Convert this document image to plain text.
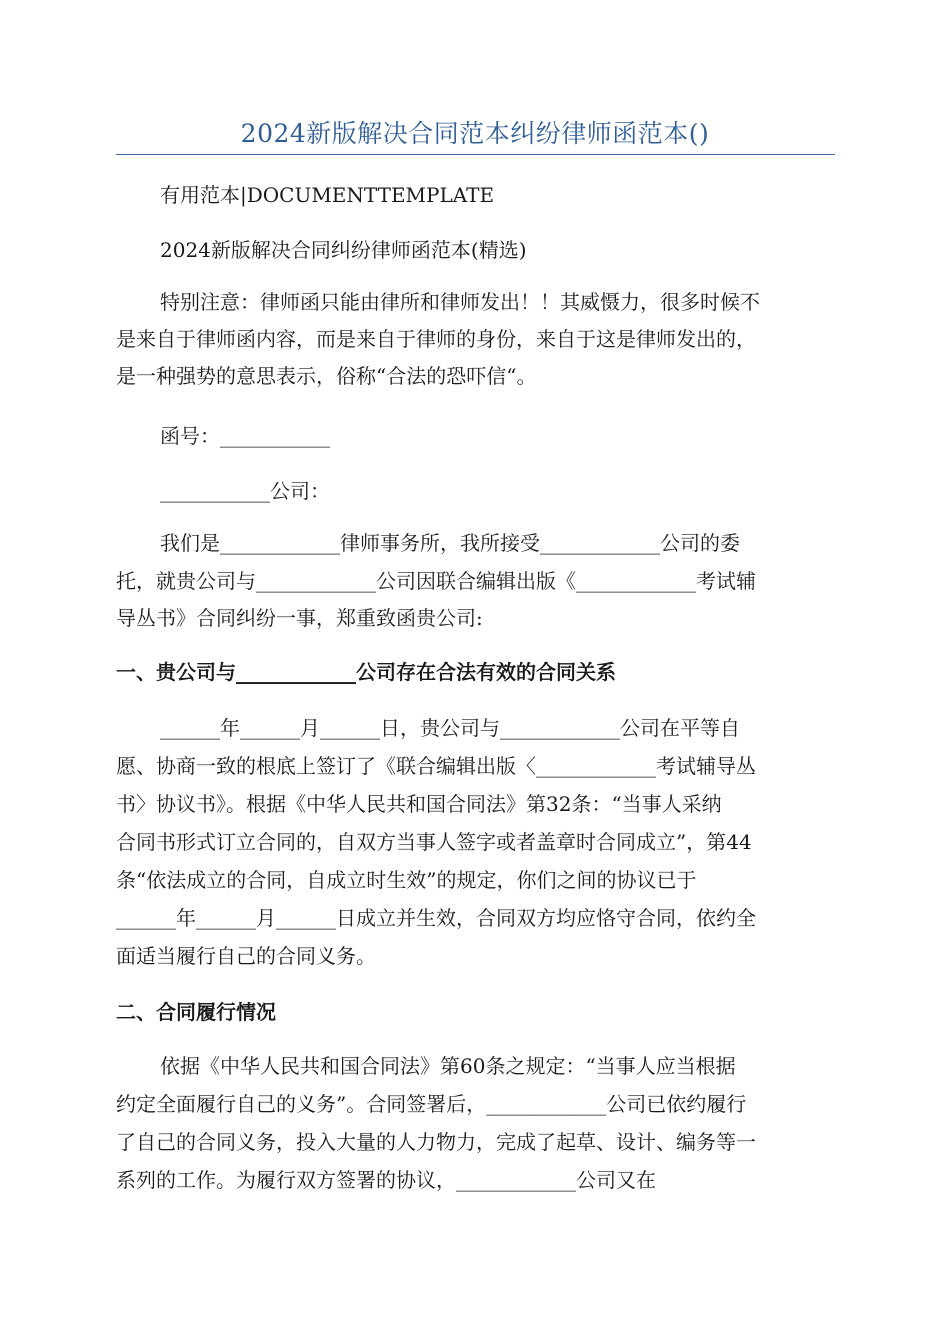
2024新版解决合同范本纠纷律师函范本()
有用范本|DOCUMENTTEMPLATE
2024新版解决合同纠纷律师函范本(精选)
特别注意：律师函只能由律所和律师发出！！其威慑力，很多时候不
是来自于律师函内容，而是来自于律师的身份，来自于这是律师发出的，
是一种强势的意思表示，俗称“合法的恐吓信“。
函号：___________
___________公司：
我们是____________律师事务所，我所接受____________公司的委
托，就贵公司与____________公司因联合编辑出版《____________考试辅
导丛书》合同纠纷一事，郑重致函贵公司:
一、贵公司与____________公司存在合法有效的合同关系
______年______月______日，贵公司与____________公司在平等自
愿、协商一致的根底上签订了《联合编辑出版〈____________考试辅导丛
书〉协议书》。根据《中华人民共和国合同法》第32条：“当事人采纳
合同书形式订立合同的，自双方当事人签字或者盖章时合同成立”，第44
条“依法成立的合同，自成立时生效”的规定，你们之间的协议已于
______年______月______日成立并生效，合同双方均应恪守合同，依约全
面适当履行自己的合同义务。
二、合同履行情况
依据《中华人民共和国合同法》第60条之规定：“当事人应当根据
约定全面履行自己的义务”。合同签署后，____________公司已依约履行
了自己的合同义务，投入大量的人力物力，完成了起草、设计、编务等一
系列的工作。为履行双方签署的协议，____________公司又在
